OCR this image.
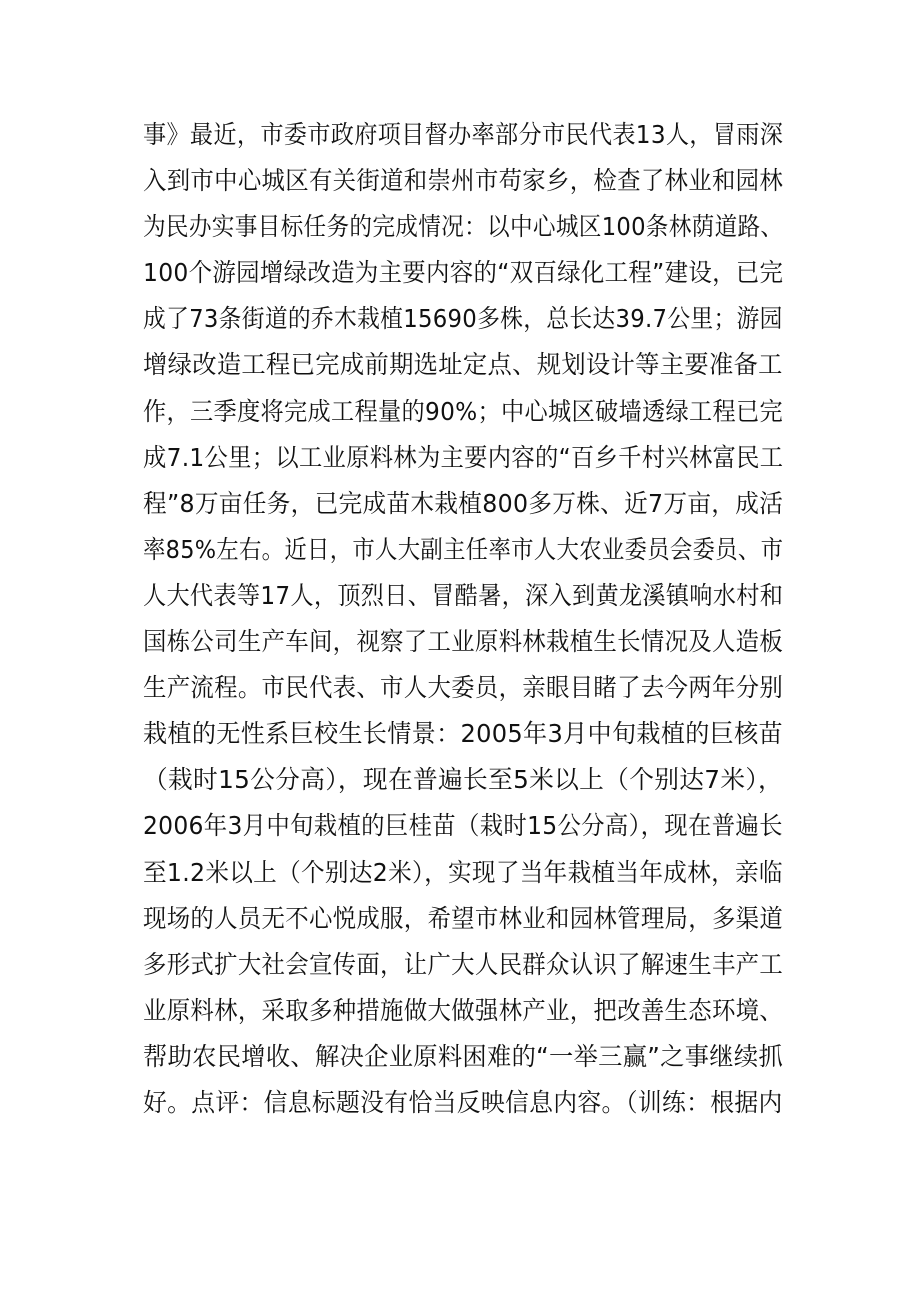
事》最近，市委市政府项目督办率部分市民代表13人，冒雨深
入到市中心城区有关街道和崇州市苟家乡，检查了林业和园林
为民办实事目标任务的完成情况：以中心城区100条林荫道路、
100个游园增绿改造为主要内容的“双百绿化工程”建设，已完
成了73条街道的乔木栽植15690多株，总长达39.7公里；游园
增绿改造工程已完成前期选址定点、规划设计等主要准备工
作，三季度将完成工程量的90%；中心城区破墙透绿工程已完
成7.1公里；以工业原料林为主要内容的“百乡千村兴林富民工
程”8万亩任务，已完成苗木栽植800多万株、近7万亩，成活
率85%左右。近日，市人大副主任率市人大农业委员会委员、市
人大代表等17人，顶烈日、冒酷暑，深入到黄龙溪镇响水村和
国栋公司生产车间，视察了工业原料林栽植生长情况及人造板
生产流程。市民代表、市人大委员，亲眼目睹了去今两年分别
栽植的无性系巨校生长情景：2005年3月中旬栽植的巨核苗
（栽时15公分高），现在普遍长至5米以上（个别达7米），
2006年3月中旬栽植的巨桂苗（栽时15公分高），现在普遍长
至1.2米以上（个别达2米），实现了当年栽植当年成林，亲临
现场的人员无不心悦成服，希望市林业和园林管理局，多渠道
多形式扩大社会宣传面，让广大人民群众认识了解速生丰产工
业原料林，采取多种措施做大做强林产业，把改善生态环境、
帮助农民增收、解决企业原料困难的“一举三赢”之事继续抓
好。点评：信息标题没有恰当反映信息内容。（训练：根据内
